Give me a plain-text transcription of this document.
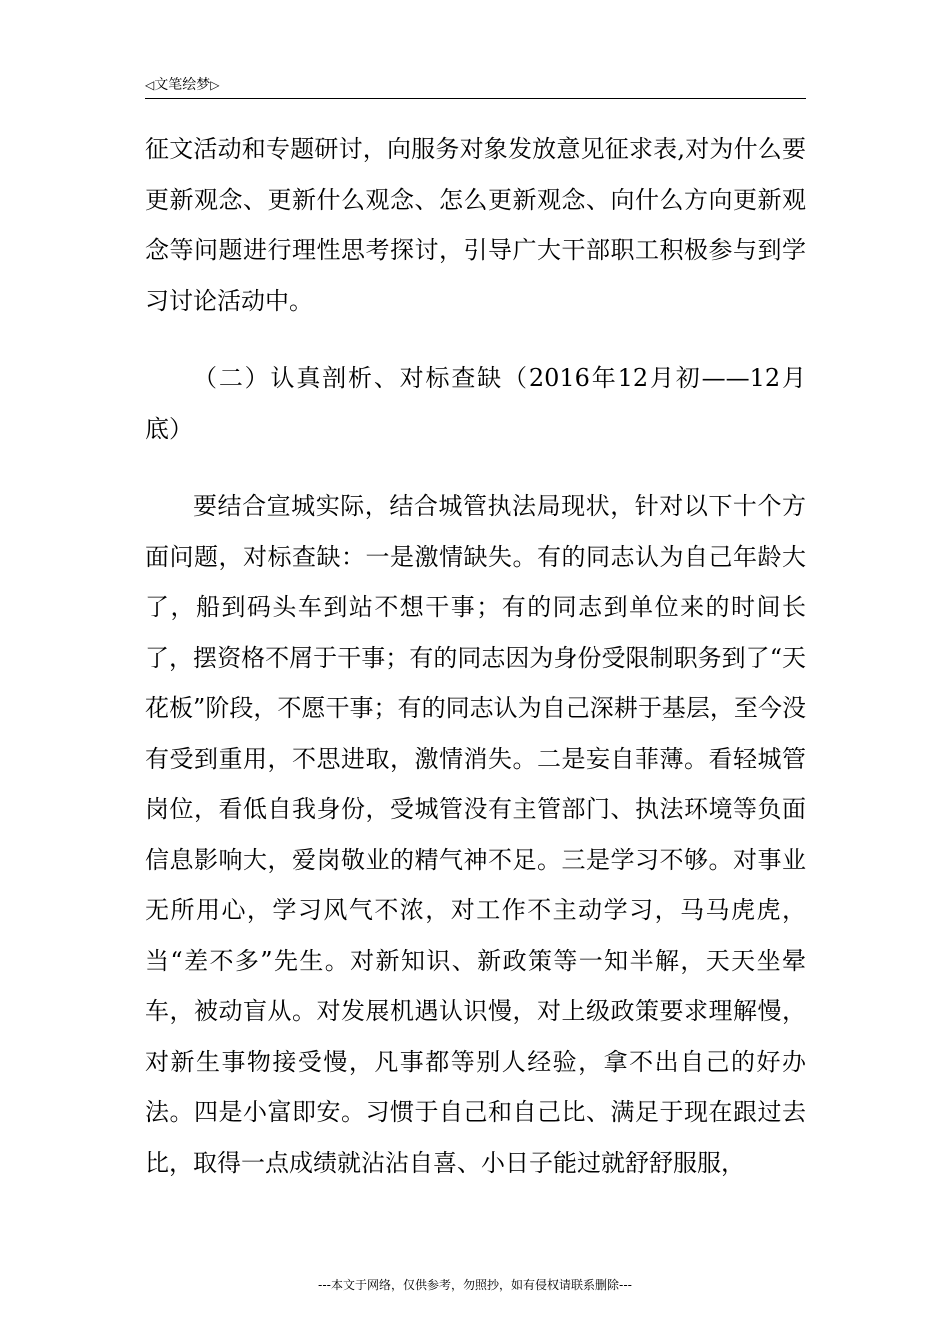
◁文笔绘梦▷

征文活动和专题研讨，向服务对象发放意见征求表,对为什么要更新观念、更新什么观念、怎么更新观念、向什么方向更新观念等问题进行理性思考探讨，引导广大干部职工积极参与到学习讨论活动中。

（二）认真剖析、对标查缺（2016年12月初——12月底）

要结合宣城实际，结合城管执法局现状，针对以下十个方面问题，对标查缺：一是激情缺失。有的同志认为自己年龄大了，船到码头车到站不想干事；有的同志到单位来的时间长了，摆资格不屑于干事；有的同志因为身份受限制职务到了“天花板”阶段，不愿干事；有的同志认为自己深耕于基层，至今没有受到重用，不思进取，激情消失。二是妄自菲薄。看轻城管岗位，看低自我身份，受城管没有主管部门、执法环境等负面信息影响大，爱岗敬业的精气神不足。三是学习不够。对事业无所用心，学习风气不浓，对工作不主动学习，马马虎虎，当“差不多”先生。对新知识、新政策等一知半解，天天坐晕车，被动盲从。对发展机遇认识慢，对上级政策要求理解慢，对新生事物接受慢，凡事都等别人经验，拿不出自己的好办法。四是小富即安。习惯于自己和自己比、满足于现在跟过去比，取得一点成绩就沾沾自喜、小日子能过就舒舒服服，

---本文于网络，仅供参考，勿照抄，如有侵权请联系删除---
